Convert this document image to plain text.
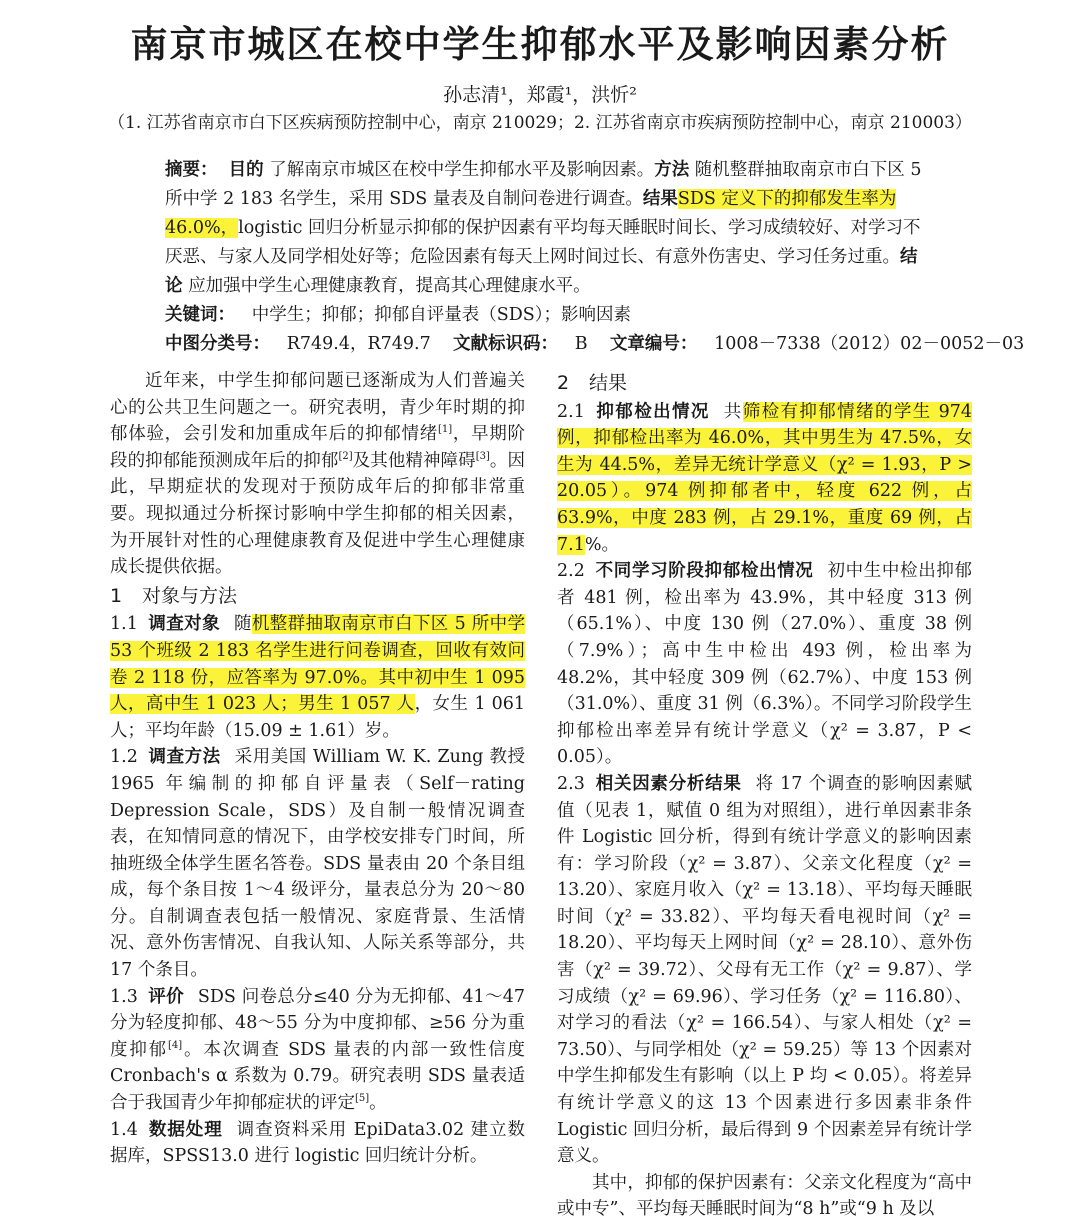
南京市城区在校中学生抑郁水平及影响因素分析

孙志清¹，郑霞¹，洪忻²

（1. 江苏省南京市白下区疾病预防控制中心，南京 210029；2. 江苏省南京市疾病预防控制中心，南京 210003）

摘要： 目的 了解南京市城区在校中学生抑郁水平及影响因素。方法 随机整群抽取南京市白下区 5 所中学 2 183 名学生，采用 SDS 量表及自制问卷进行调查。结果SDS 定义下的抑郁发生率为 46.0%，logistic 回归分析显示抑郁的保护因素有平均每天睡眠时间长、学习成绩较好、对学习不厌恶、与家人及同学相处好等；危险因素有每天上网时间过长、有意外伤害史、学习任务过重。结论 应加强中学生心理健康教育，提高其心理健康水平。

关键词： 中学生；抑郁；抑郁自评量表（SDS）；影响因素

中图分类号： R749.4，R749.7 文献标识码： B 文章编号： 1008－7338（2012）02－0052－03

近年来，中学生抑郁问题已逐渐成为人们普遍关心的公共卫生问题之一。研究表明，青少年时期的抑郁体验，会引发和加重成年后的抑郁情绪[1]，早期阶段的抑郁能预测成年后的抑郁[2]及其他精神障碍[3]。因此，早期症状的发现对于预防成年后的抑郁非常重要。现拟通过分析探讨影响中学生抑郁的相关因素，为开展针对性的心理健康教育及促进中学生心理健康成长提供依据。

1 对象与方法

1.1 调查对象 随机整群抽取南京市白下区 5 所中学 53 个班级 2 183 名学生进行问卷调查，回收有效问卷 2 118 份，应答率为 97.0%。其中初中生 1 095 人，高中生 1 023 人；男生 1 057 人，女生 1 061 人；平均年龄（15.09 ± 1.61）岁。

1.2 调查方法 采用美国 William W. K. Zung 教授 1965 年编制的抑郁自评量表（Self－rating Depression Scale，SDS）及自制一般情况调查表，在知情同意的情况下，由学校安排专门时间，所抽班级全体学生匿名答卷。SDS 量表由 20 个条目组成，每个条目按 1～4 级评分，量表总分为 20～80 分。自制调查表包括一般情况、家庭背景、生活情况、意外伤害情况、自我认知、人际关系等部分，共 17 个条目。

1.3 评价 SDS 问卷总分≤40 分为无抑郁、41～47 分为轻度抑郁、48～55 分为中度抑郁、≥56 分为重度抑郁[4]。本次调查 SDS 量表的内部一致性信度 Cronbach's α 系数为 0.79。研究表明 SDS 量表适合于我国青少年抑郁症状的评定[5]。

1.4 数据处理 调查资料采用 EpiData3.02 建立数据库，SPSS13.0 进行 logistic 回归统计分析。

2 结果

2.1 抑郁检出情况 共筛检有抑郁情绪的学生 974 例，抑郁检出率为 46.0%，其中男生为 47.5%，女生为 44.5%，差异无统计学意义（χ² = 1.93，P > 20.05）。974 例抑郁者中，轻度 622 例，占 63.9%，中度 283 例，占 29.1%，重度 69 例，占 7.1%。

2.2 不同学习阶段抑郁检出情况 初中生中检出抑郁者 481 例，检出率为 43.9%，其中轻度 313 例（65.1%）、中度 130 例（27.0%）、重度 38 例（7.9%）；高中生中检出 493 例，检出率为 48.2%，其中轻度 309 例（62.7%）、中度 153 例（31.0%）、重度 31 例（6.3%）。不同学习阶段学生抑郁检出率差异有统计学意义（χ² = 3.87，P < 0.05）。

2.3 相关因素分析结果 将 17 个调查的影响因素赋值（见表 1，赋值 0 组为对照组），进行单因素非条件 Logistic 回分析，得到有统计学意义的影响因素有：学习阶段（χ² = 3.87）、父亲文化程度（χ² = 13.20）、家庭月收入（χ² = 13.18）、平均每天睡眠时间（χ² = 33.82）、平均每天看电视时间（χ² = 18.20）、平均每天上网时间（χ² = 28.10）、意外伤害（χ² = 39.72）、父母有无工作（χ² = 9.87）、学习成绩（χ² = 69.96）、学习任务（χ² = 116.80）、对学习的看法（χ² = 166.54）、与家人相处（χ² = 73.50）、与同学相处（χ² = 59.25）等 13 个因素对中学生抑郁发生有影响（以上 P 均 < 0.05）。将差异有统计学意义的这 13 个因素进行多因素非条件 Logistic 回归分析，最后得到 9 个因素差异有统计学意义。

其中，抑郁的保护因素有：父亲文化程度为“高中或中专”、平均每天睡眠时间为“8 h”或“9 h 及以
